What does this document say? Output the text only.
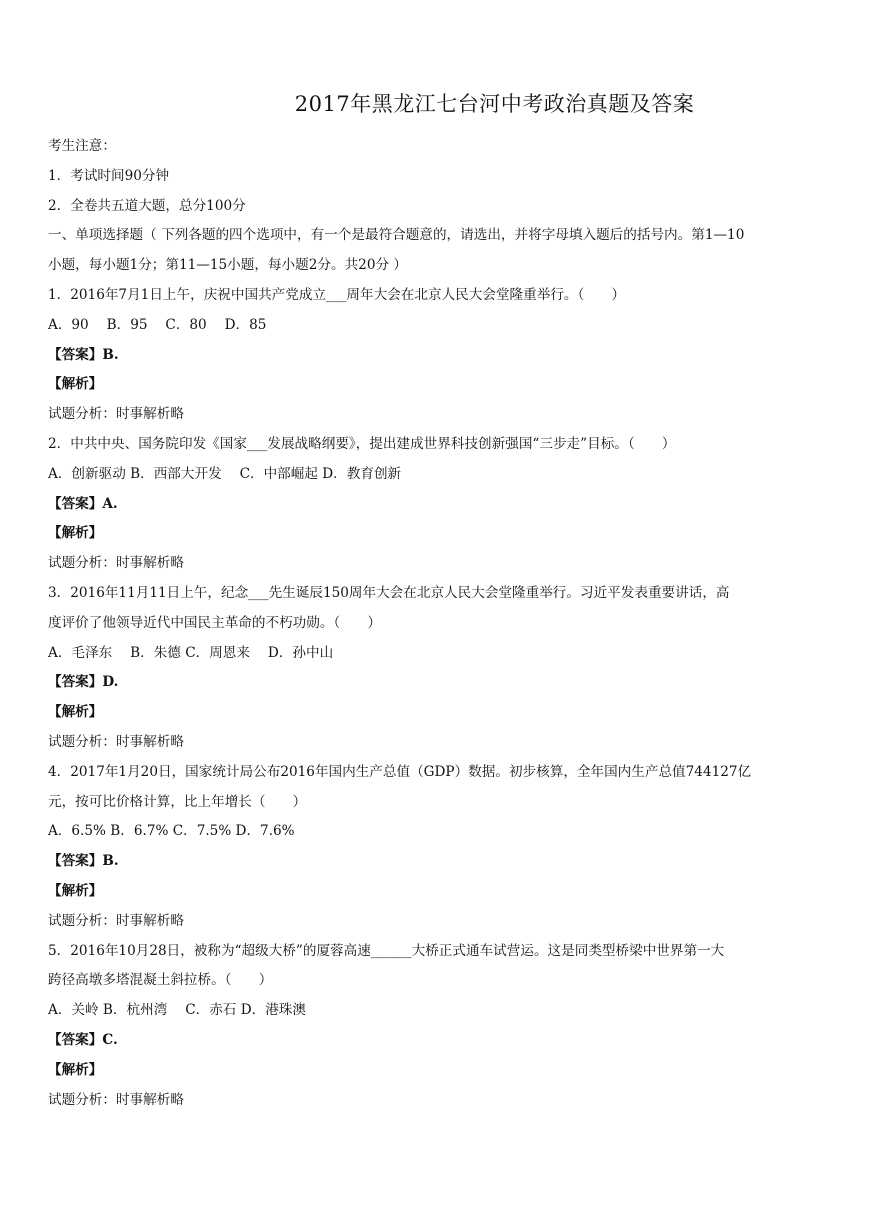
2017年黑龙江七台河中考政治真题及答案
考生注意：
1．考试时间90分钟
2．全卷共五道大题，总分100分
一、单项选择题（ 下列各题的四个选项中，有一个是最符合题意的，请选出，并将字母填入题后的括号内。第1—10
小题，每小题1分；第11—15小题，每小题2分。共20分 ）
1．2016年7月1日上午，庆祝中国共产党成立___周年大会在北京人民大会堂隆重举行。（　　）
A．90　 B．95　 C．80　 D．85
【答案】B.
【解析】
试题分析：时事解析略
2．中共中央、国务院印发《国家___发展战略纲要》，提出建成世界科技创新强国“三步走”目标。（　　）
A．创新驱动 B．西部大开发　 C．中部崛起 D．教育创新
【答案】A.
【解析】
试题分析：时事解析略
3．2016年11月11日上午，纪念___先生诞辰150周年大会在北京人民大会堂隆重举行。习近平发表重要讲话，高
度评价了他领导近代中国民主革命的不朽功勋。（　　）
A．毛泽东　 B．朱德 C．周恩来　 D．孙中山
【答案】D.
【解析】
试题分析：时事解析略
4．2017年1月20日，国家统计局公布2016年国内生产总值（GDP）数据。初步核算，全年国内生产总值744127亿
元，按可比价格计算，比上年增长（　　）
A．6.5% B．6.7% C．7.5% D．7.6%
【答案】B.
【解析】
试题分析：时事解析略
5．2016年10月28日，被称为“超级大桥”的厦蓉高速______大桥正式通车试营运。这是同类型桥梁中世界第一大
跨径高墩多塔混凝土斜拉桥。（　　）
A．关岭 B．杭州湾　 C．赤石 D．港珠澳
【答案】C.
【解析】
试题分析：时事解析略
